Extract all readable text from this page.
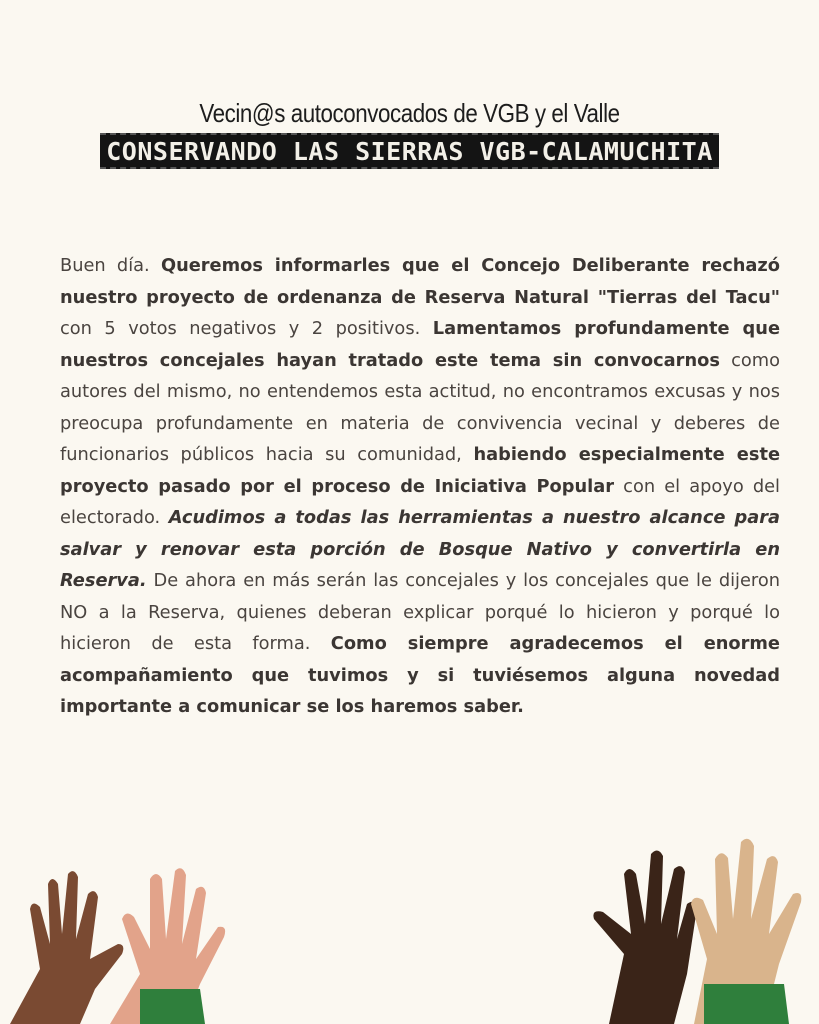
Vecin@s autoconvocados de VGB y el Valle
CONSERVANDO LAS SIERRAS VGB-CALAMUCHITA
Buen día. Queremos informarles que el Concejo Deliberante rechazó nuestro proyecto de ordenanza de Reserva Natural "Tierras del Tacu" con 5 votos negativos y 2 positivos. Lamentamos profundamente que nuestros concejales hayan tratado este tema sin convocarnos como autores del mismo, no entendemos esta actitud, no encontramos excusas y nos preocupa profundamente en materia de convivencia vecinal y deberes de funcionarios públicos hacia su comunidad, habiendo especialmente este proyecto pasado por el proceso de Iniciativa Popular con el apoyo del electorado. Acudimos a todas las herramientas a nuestro alcance para salvar y renovar esta porción de Bosque Nativo y convertirla en Reserva. De ahora en más serán las concejales y los concejales que le dijeron NO a la Reserva, quienes deberan explicar porqué lo hicieron y porqué lo hicieron de esta forma. Como siempre agradecemos el enorme acompañamiento que tuvimos y si tuviésemos alguna novedad importante a comunicar se los haremos saber.
